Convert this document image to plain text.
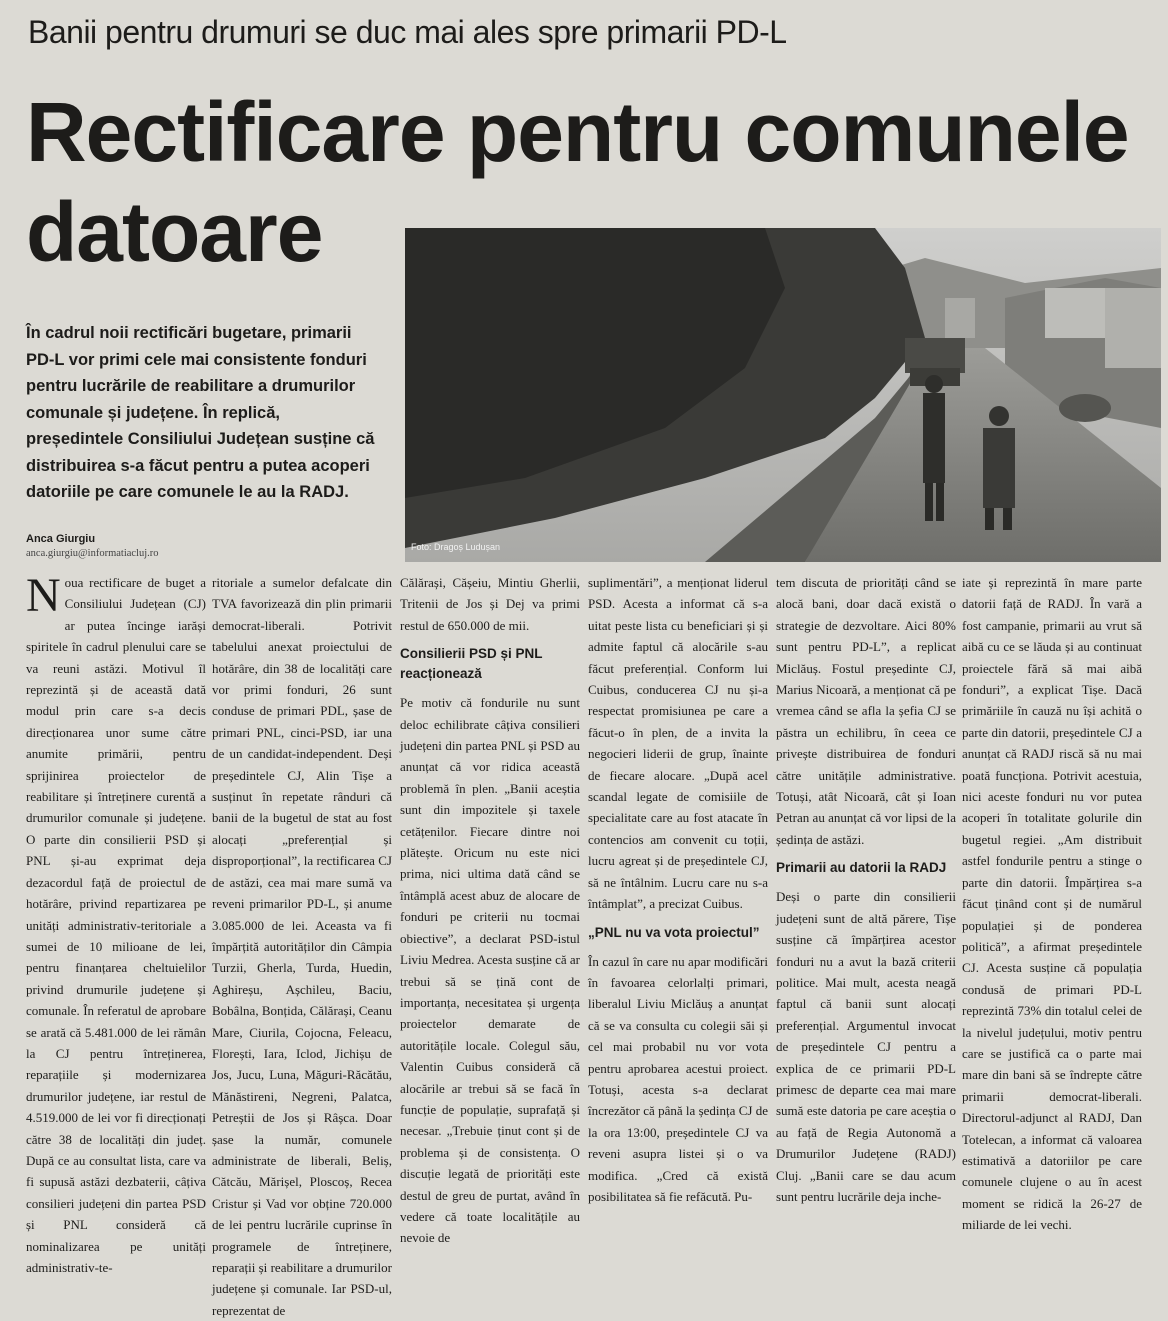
Banii pentru drumuri se duc mai ales spre primarii PD-L
Rectificare pentru comunele
datoare

În cadrul noii rectificări bugetare, primarii PD-L vor primi cele mai consistente fonduri pentru lucrările de reabilitare a drumurilor comunale și județene. În replică, președintele Consiliului Județean susține că distribuirea s-a făcut pentru a putea acoperi datoriile pe care comunele le au la RADJ.

Foto: Dragoș Ludușan
Anca Giurgiu
anca.giurgiu@informatiacluj.ro

Noua rectificare de buget a Consiliului Județean (CJ) ar putea încinge iarăși spiritele în cadrul plenului care se va reuni astăzi. Motivul îl reprezintă și de această dată modul prin care s-a decis direcționarea unor sume către anumite primării, pentru sprijinirea proiectelor de reabilitare și întreținere curentă a drumurilor comunale și județene. O parte din consilierii PSD și PNL și-au exprimat deja dezacordul față de proiectul de hotărâre, privind repartizarea pe unități administrativ-teritoriale a sumei de 10 milioane de lei, pentru finanțarea cheltuielilor privind drumurile județene și comunale. În referatul de aprobare se arată că 5.481.000 de lei rămân la CJ pentru întreținerea, reparațiile și modernizarea drumurilor județene, iar restul de 4.519.000 de lei vor fi direcționați către 38 de localități din județ. După ce au consultat lista, care va fi supusă astăzi dezbaterii, câțiva consilieri județeni din partea PSD și PNL consideră că nominalizarea pe unități administrativ-te-

ritoriale a sumelor defalcate din TVA favorizează din plin primarii democrat-liberali. Potrivit tabelului anexat proiectului de hotărâre, din 38 de localități care vor primi fonduri, 26 sunt conduse de primari PDL, șase de primari PNL, cinci-PSD, iar una de un candidat-independent. Deși președintele CJ, Alin Tișe a susținut în repetate rânduri că banii de la bugetul de stat au fost alocați „preferențial și disproporțional”, la rectificarea CJ de astăzi, cea mai mare sumă va reveni primarilor PD-L, și anume 3.085.000 de lei. Aceasta va fi împărțită autorităților din Câmpia Turzii, Gherla, Turda, Huedin, Aghireșu, Așchileu, Baciu, Bobâlna, Bonțida, Călărași, Ceanu Mare, Ciurila, Cojocna, Feleacu, Florești, Iara, Iclod, Jichișu de Jos, Jucu, Luna, Măguri-Răcătău, Mănăstireni, Negreni, Palatca, Petreștii de Jos și Râșca. Doar șase la număr, comunele administrate de liberali, Beliș, Cătcău, Mărișel, Ploscoș, Recea Cristur și Vad vor obține 720.000 de lei pentru lucrările cuprinse în programele de întreținere, reparații și reabilitare a drumurilor județene și comunale. Iar PSD-ul, reprezentat de

Călărași, Cășeiu, Mintiu Gherlii, Tritenii de Jos și Dej va primi restul de 650.000 de mii.

Consilierii PSD și PNL reacționează

Pe motiv că fondurile nu sunt deloc echilibrate câțiva consilieri județeni din partea PNL și PSD au anunțat că vor ridica această problemă în plen. „Banii aceștia sunt din impozitele și taxele cetățenilor. Fiecare dintre noi plătește. Oricum nu este nici prima, nici ultima dată când se întâmplă acest abuz de alocare de fonduri pe criterii nu tocmai obiective”, a declarat PSD-istul Liviu Medrea. Acesta susține că ar trebui să se țină cont de importanța, necesitatea și urgența proiectelor demarate de autoritățile locale. Colegul său, Valentin Cuibus consideră că alocările ar trebui să se facă în funcție de populație, suprafață și necesar. „Trebuie ținut cont și de problema și de consistența. O discuție legată de priorități este destul de greu de purtat, având în vedere că toate localitățile au nevoie de

suplimentări”, a menționat liderul PSD. Acesta a informat că s-a uitat peste lista cu beneficiari și și admite faptul că alocările s-au făcut preferențial. Conform lui Cuibus, conducerea CJ nu și-a respectat promisiunea pe care a făcut-o în plen, de a invita la negocieri liderii de grup, înainte de fiecare alocare. „După acel scandal legate de comisiile de specialitate care au fost atacate în contencios am convenit cu toții, lucru agreat și de președintele CJ, să ne întâlnim. Lucru care nu s-a întâmplat”, a precizat Cuibus.

„PNL nu va vota proiectul”

În cazul în care nu apar modificări în favoarea celorlalți primari, liberalul Liviu Miclăuș a anunțat că se va consulta cu colegii săi și cel mai probabil nu vor vota pentru aprobarea acestui proiect. Totuși, acesta s-a declarat încrezător că până la ședința CJ de la ora 13:00, președintele CJ va reveni asupra listei și o va modifica. „Cred că există posibilitatea să fie refăcută. Pu-

tem discuta de priorități când se alocă bani, doar dacă există o strategie de dezvoltare. Aici 80% sunt pentru PD-L”, a replicat Miclăuș. Fostul președinte CJ, Marius Nicoară, a menționat că pe vremea când se afla la șefia CJ se păstra un echilibru, în ceea ce privește distribuirea de fonduri către unitățile administrative. Totuși, atât Nicoară, cât și Ioan Petran au anunțat că vor lipsi de la ședința de astăzi.

Primarii au datorii la RADJ

Deși o parte din consilierii județeni sunt de altă părere, Tișe susține că împărțirea acestor fonduri nu a avut la bază criterii politice. Mai mult, acesta neagă faptul că banii sunt alocați preferențial. Argumentul invocat de președintele CJ pentru a explica de ce primarii PD-L primesc de departe cea mai mare sumă este datoria pe care aceștia o au față de Regia Autonomă a Drumurilor Județene (RADJ) Cluj. „Banii care se dau acum sunt pentru lucrările deja inche-

iate și reprezintă în mare parte datorii față de RADJ. În vară a fost campanie, primarii au vrut să aibă cu ce se lăuda și au continuat proiectele fără să mai aibă fonduri”, a explicat Tișe. Dacă primăriile în cauză nu își achită o parte din datorii, președintele CJ a anunțat că RADJ riscă să nu mai poată funcționa. Potrivit acestuia, nici aceste fonduri nu vor putea acoperi în totalitate golurile din bugetul regiei. „Am distribuit astfel fondurile pentru a stinge o parte din datorii. Împărțirea s-a făcut ținând cont și de numărul populației și de ponderea politică”, a afirmat președintele CJ. Acesta susține că populația condusă de primari PD-L reprezintă 73% din totalul celei de la nivelul județului, motiv pentru care se justifică ca o parte mai mare din bani să se îndrepte către primarii democrat-liberali. Directorul-adjunct al RADJ, Dan Totelecan, a informat că valoarea estimativă a datoriilor pe care comunele clujene o au în acest moment se ridică la 26-27 de miliarde de lei vechi.
